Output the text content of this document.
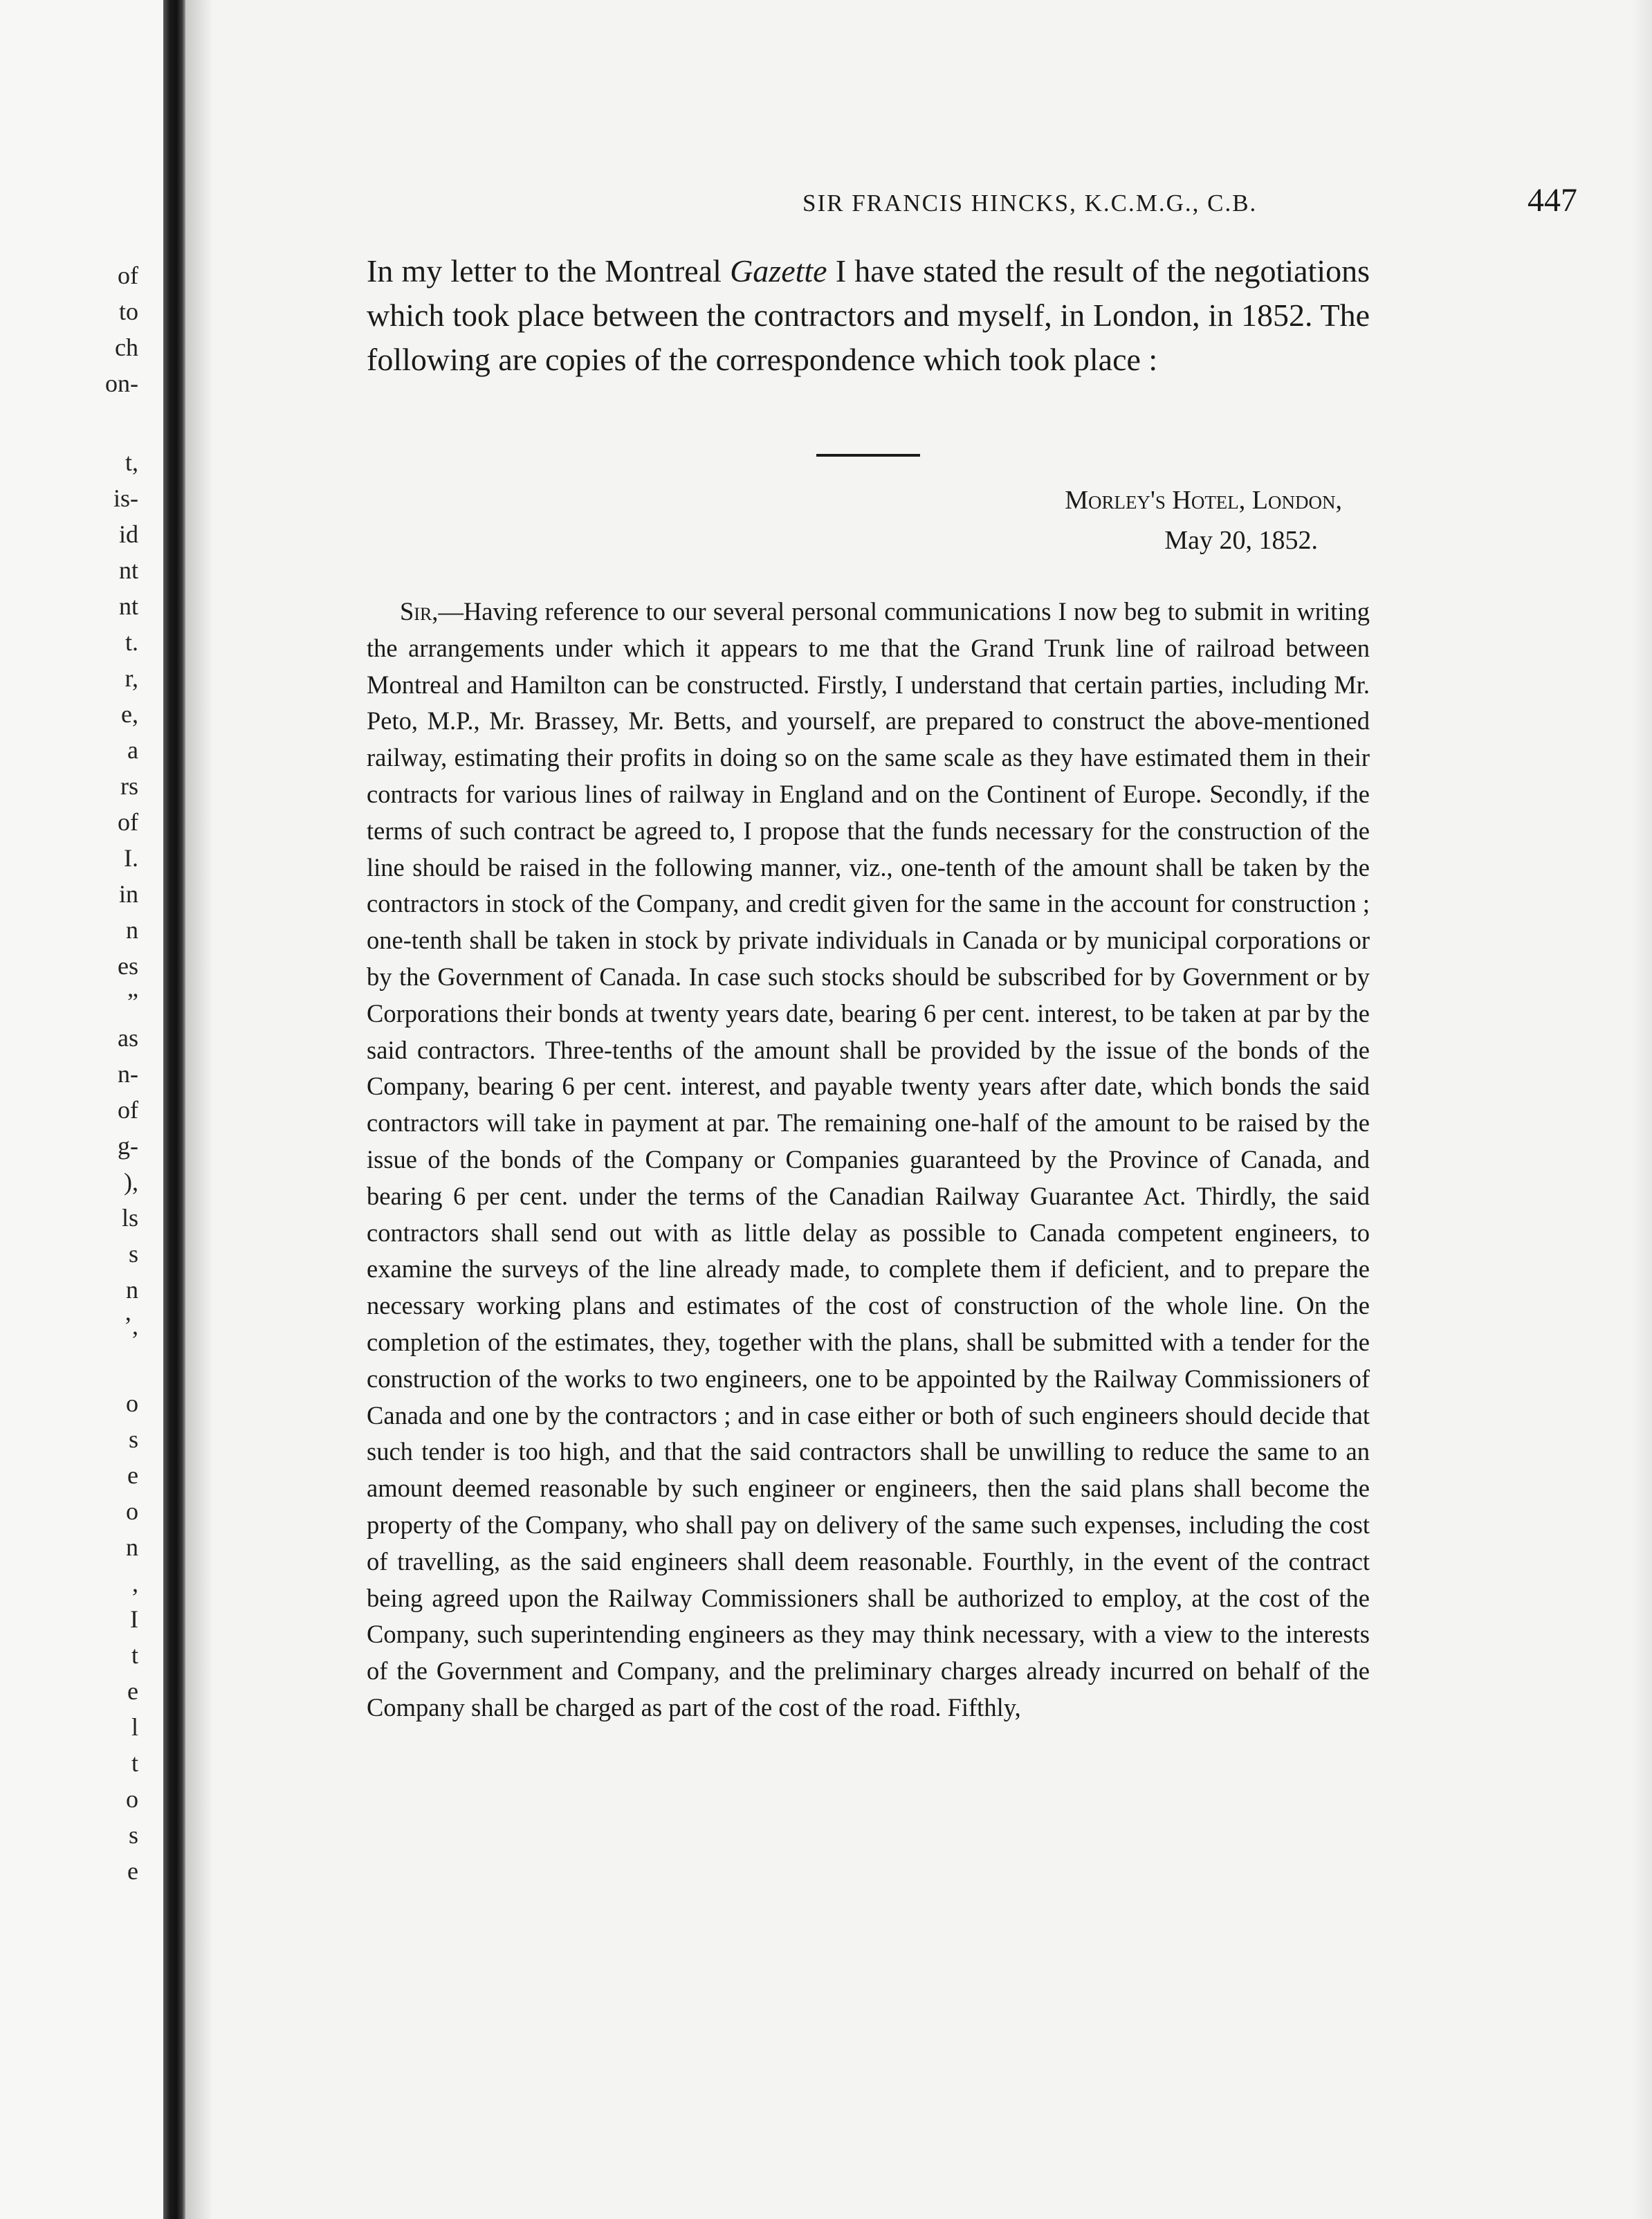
of
to
ch
on-
t,
is-
id
nt
nt
t.
r,
e,
a
rs
of
I.
in
n
es
”
as
n-
of
g-
),
ls
s
n
’,
o
s
e
o
n
,
I
t
e
l
t
o
s
e
SIR FRANCIS HINCKS, K.C.M.G., C.B.	447

In my letter to the Montreal Gazette I have stated the result of the negotiations which took place between the contractors and myself, in London, in 1852. The following are copies of the correspondence which took place :

Morley's Hotel, London,
May 20, 1852.

Sir,—Having reference to our several personal communications I now beg to submit in writing the arrangements under which it appears to me that the Grand Trunk line of railroad between Montreal and Hamilton can be constructed. Firstly, I understand that certain parties, including Mr. Peto, M.P., Mr. Brassey, Mr. Betts, and yourself, are prepared to construct the above-mentioned railway, estimating their profits in doing so on the same scale as they have estimated them in their contracts for various lines of railway in England and on the Continent of Europe. Secondly, if the terms of such contract be agreed to, I propose that the funds necessary for the construction of the line should be raised in the following manner, viz., one-tenth of the amount shall be taken by the contractors in stock of the Company, and credit given for the same in the account for construction ; one-tenth shall be taken in stock by private individuals in Canada or by municipal corporations or by the Government of Canada. In case such stocks should be subscribed for by Government or by Corporations their bonds at twenty years date, bearing 6 per cent. interest, to be taken at par by the said contractors. Three-tenths of the amount shall be provided by the issue of the bonds of the Company, bearing 6 per cent. interest, and payable twenty years after date, which bonds the said contractors will take in payment at par. The remaining one-half of the amount to be raised by the issue of the bonds of the Company or Companies guaranteed by the Province of Canada, and bearing 6 per cent. under the terms of the Canadian Railway Guarantee Act. Thirdly, the said contractors shall send out with as little delay as possible to Canada competent engineers, to examine the surveys of the line already made, to complete them if deficient, and to prepare the necessary working plans and estimates of the cost of construction of the whole line. On the completion of the estimates, they, together with the plans, shall be submitted with a tender for the construction of the works to two engineers, one to be appointed by the Railway Commissioners of Canada and one by the contractors ; and in case either or both of such engineers should decide that such tender is too high, and that the said contractors shall be unwilling to reduce the same to an amount deemed reasonable by such engineer or engineers, then the said plans shall become the property of the Company, who shall pay on delivery of the same such expenses, including the cost of travelling, as the said engineers shall deem reasonable. Fourthly, in the event of the contract being agreed upon the Railway Commissioners shall be authorized to employ, at the cost of the Company, such superintending engineers as they may think necessary, with a view to the interests of the Government and Company, and the preliminary charges already incurred on behalf of the Company shall be charged as part of the cost of the road. Fifthly,
